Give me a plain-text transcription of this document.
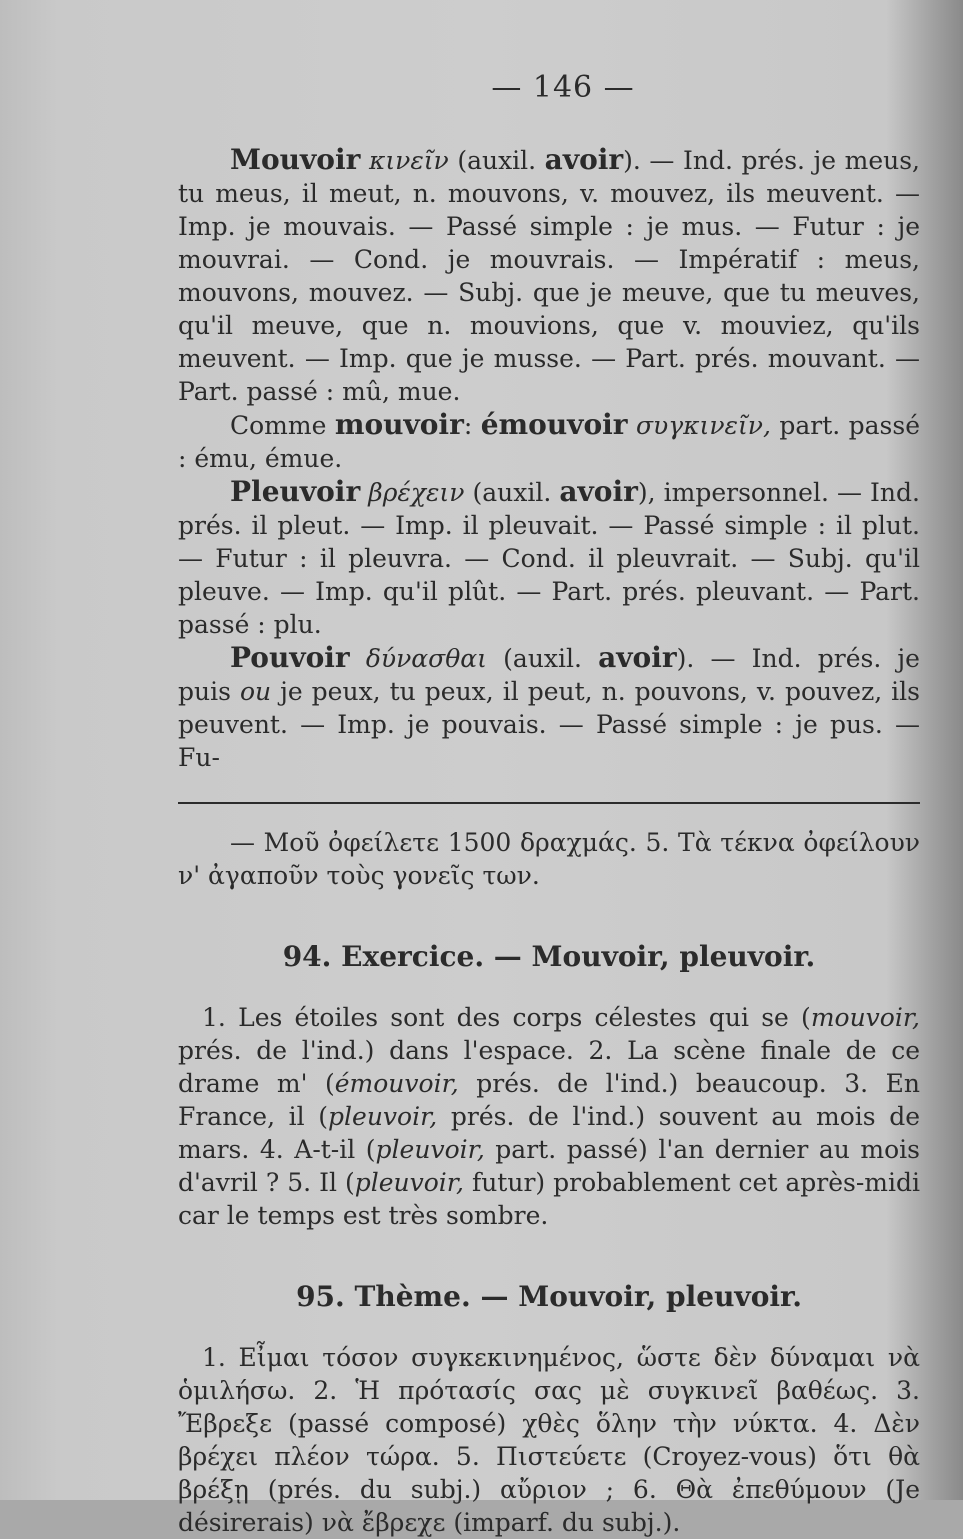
— 146 —

Mouvoir κινεῖν (auxil. avoir). — Ind. prés. je meus, tu meus, il meut, n. mouvons, v. mouvez, ils meuvent. — Imp. je mouvais. — Passé simple : je mus. — Futur : je mouvrai. — Cond. je mouvrais. — Impératif : meus, mouvons, mouvez. — Subj. que je meuve, que tu meuves, qu'il meuve, que n. mouvions, que v. mouviez, qu'ils meuvent. — Imp. que je musse. — Part. prés. mouvant. — Part. passé : mû, mue.

Comme mouvoir: émouvoir συγκινεῖν, part. passé : ému, émue.

Pleuvoir βρέχειν (auxil. avoir), impersonnel. — Ind. prés. il pleut. — Imp. il pleuvait. — Passé simple : il plut. — Futur : il pleuvra. — Cond. il pleuvrait. — Subj. qu'il pleuve. — Imp. qu'il plût. — Part. prés. pleuvant. — Part. passé : plu.

Pouvoir δύνασθαι (auxil. avoir). — Ind. prés. je puis ou je peux, tu peux, il peut, n. pouvons, v. pouvez, ils peuvent. — Imp. je pouvais. — Passé simple : je pus. — Fu-

— Μοῦ ὀφείλετε 1500 δραχμάς. 5. Τὰ τέκνα ὀφείλουν ν' ἀγαποῦν τοὺς γονεῖς των.

94. Exercice. — Mouvoir, pleuvoir.

1. Les étoiles sont des corps célestes qui se (mouvoir, prés. de l'ind.) dans l'espace. 2. La scène finale de ce drame m' (émouvoir, prés. de l'ind.) beaucoup. 3. En France, il (pleuvoir, prés. de l'ind.) souvent au mois de mars. 4. A-t-il (pleuvoir, part. passé) l'an dernier au mois d'avril ? 5. Il (pleuvoir, futur) probablement cet après-midi car le temps est très sombre.

95. Thème. — Mouvoir, pleuvoir.

1. Εἶμαι τόσον συγκεκινημένος, ὥστε δὲν δύναμαι νὰ ὁμιλήσω. 2. Ἡ πρότασίς σας μὲ συγκινεῖ βαθέως. 3. Ἔβρεξε (passé composé) χθὲς ὅλην τὴν νύκτα. 4. Δὲν βρέχει πλέον τώρα. 5. Πιστεύετε (Croyez-vous) ὅτι θὰ βρέξῃ (prés. du subj.) αὔριον ; 6. Θὰ ἐπεθύμουν (Je désirerais) νὰ ἔβρεχε (imparf. du subj.).
